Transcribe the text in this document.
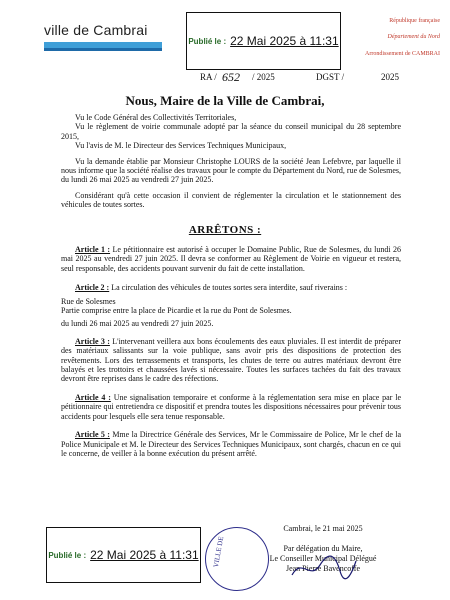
ville de Cambrai
Publié le : 22 Mai 2025 à 11:31
République française
Département du Nord
Arrondissement de CAMBRAI
RA / 652 / 2025	DGST /	2025
Nous, Maire de la Ville de Cambrai,

Vu le Code Général des Collectivités Territoriales,

Vu le règlement de voirie communale adopté par la séance du conseil municipal du 28 septembre 2015,

Vu l'avis de M. le Directeur des Services Techniques Municipaux,

Vu la demande établie par Monsieur Christophe LOURS de la société Jean Lefebvre, par laquelle il nous informe que la société réalise des travaux pour le compte du Département du Nord, rue de Solesmes, du lundi 26 mai 2025 au vendredi 27 juin 2025.

Considérant qu'à cette occasion il convient de réglementer la circulation et le stationnement des véhicules de toutes sortes.

ARRÊTONS :

Article 1 : Le pétitionnaire est autorisé à occuper le Domaine Public, Rue de Solesmes, du lundi 26 mai 2025 au vendredi 27 juin 2025. Il devra se conformer au Règlement de Voirie en vigueur et restera, seul responsable, des accidents pouvant survenir du fait de cette installation.

Article 2 : La circulation des véhicules de toutes sortes sera interdite, sauf riverains :

Rue de Solesmes

Partie comprise entre la place de Picardie et la rue du Pont de Solesmes.

du lundi 26 mai 2025 au vendredi 27 juin 2025.

Article 3 : L'intervenant veillera aux bons écoulements des eaux pluviales. Il est interdit de préparer des matériaux salissants sur la voie publique, sans avoir pris des dispositions de protection des revêtements. Lors des terrassements et transports, les chutes de terre ou autres matériaux devront être balayés et les trottoirs et chaussées lavés si nécessaire. Toutes les surfaces tachées du fait des travaux devront être reprises dans le cadre des réfections.

Article 4 : Une signalisation temporaire et conforme à la réglementation sera mise en place par le pétitionnaire qui entretiendra ce dispositif et prendra toutes les dispositions nécessaires pour prévenir tous accidents pour lesquels elle sera tenue responsable.

Article 5 : Mme la Directrice Générale des Services, Mr le Commissaire de Police, Mr le chef de la Police Municipale et M. le Directeur des Services Techniques Municipaux, sont chargés, chacun en ce qui le concerne, de veiller à la bonne exécution du présent arrêté.

Publié le : 22 Mai 2025 à 11:31 VILLE DE
Cambrai, le 21 mai 2025
Par délégation du Maire,
Le Conseiller Municipal Délégué
Jean Pierre Bavencoffe
